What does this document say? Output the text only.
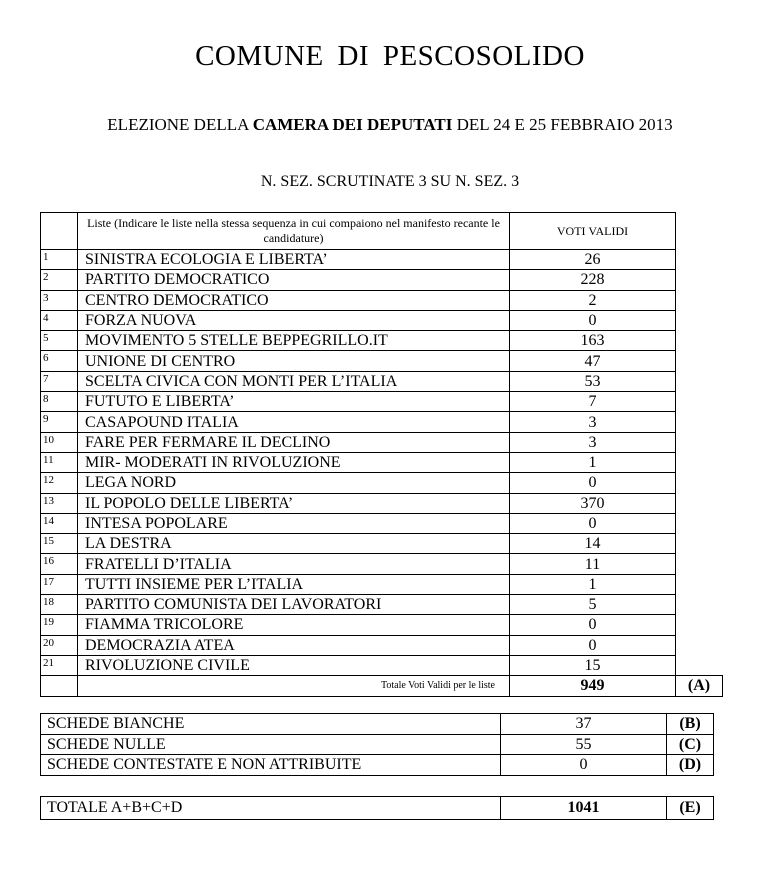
COMUNE DI PESCOSOLIDO
ELEZIONE DELLA CAMERA DEI DEPUTATI DEL 24 E 25 FEBBRAIO 2013
N. SEZ. SCRUTINATE 3 SU N. SEZ. 3
	Liste (Indicare le liste nella stessa sequenza in cui compaiono nel manifesto recante le candidature)	VOTI VALIDI	
1	SINISTRA ECOLOGIA E LIBERTA’	26	
2	PARTITO DEMOCRATICO	228	
3	CENTRO DEMOCRATICO	2	
4	FORZA NUOVA	0	
5	MOVIMENTO 5 STELLE BEPPEGRILLO.IT	163	
6	UNIONE DI CENTRO	47	
7	SCELTA CIVICA CON MONTI PER L’ITALIA	53	
8	FUTUTO E LIBERTA’	7	
9	CASAPOUND ITALIA	3	
10	FARE PER FERMARE IL DECLINO	3	
11	MIR- MODERATI IN RIVOLUZIONE	1	
12	LEGA NORD	0	
13	IL POPOLO DELLE LIBERTA’	370	
14	INTESA POPOLARE	0	
15	LA DESTRA	14	
16	FRATELLI D’ITALIA	11	
17	TUTTI INSIEME PER L’ITALIA	1	
18	PARTITO COMUNISTA DEI LAVORATORI	5	
19	FIAMMA TRICOLORE	0	
20	DEMOCRAZIA ATEA	0	
21	RIVOLUZIONE CIVILE	15	
	Totale Voti Validi per le liste	949	(A)
SCHEDE BIANCHE	37	(B)
SCHEDE NULLE	55	(C)
SCHEDE CONTESTATE E NON ATTRIBUITE	0	(D)
TOTALE A+B+C+D	1041	(E)
